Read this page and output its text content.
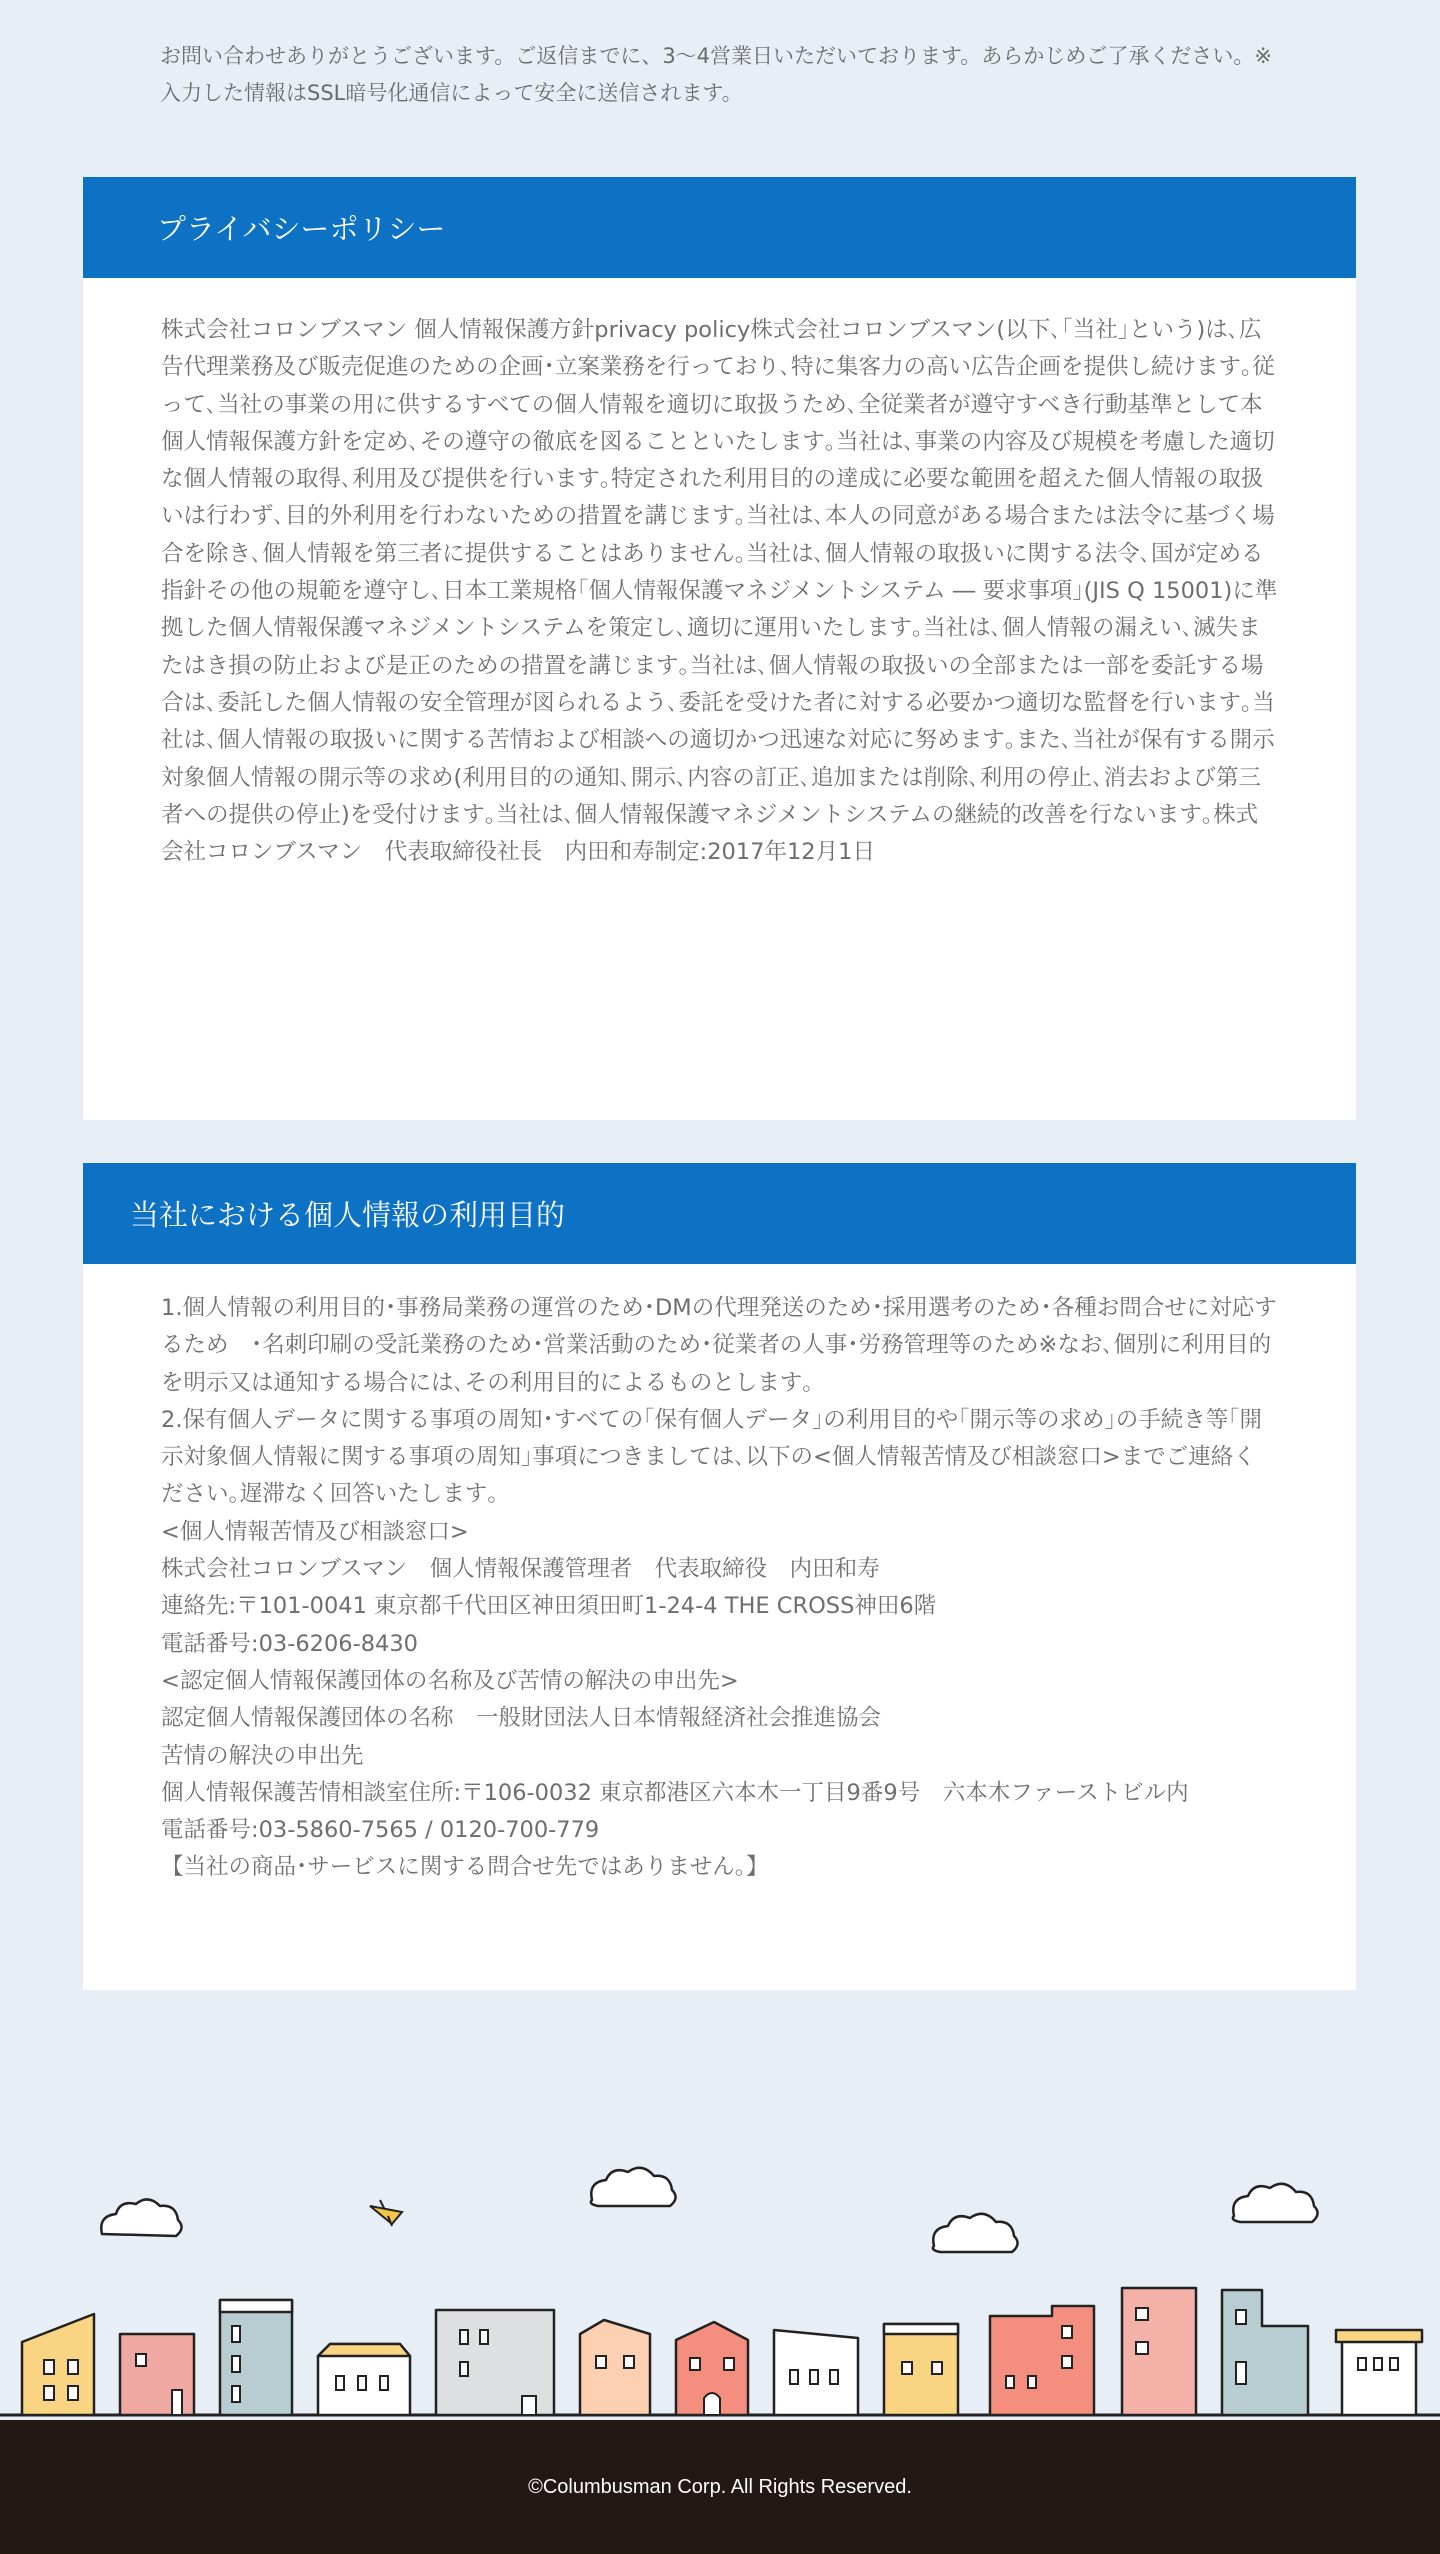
お問い合わせありがとうございます。ご返信までに、3～4営業日いただいております。あらかじめご了承ください。※入力した情報はSSL暗号化通信によって安全に送信されます。

プライバシーポリシー
株式会社コロンブスマン 個人情報保護方針privacy policy株式会社コロンブスマン(以下､｢当社｣という)は､広告代理業務及び販売促進のための企画･立案業務を行っており､特に集客力の高い広告企画を提供し続けます｡従って､当社の事業の用に供するすべての個人情報を適切に取扱うため､全従業者が遵守すべき行動基準として本個人情報保護方針を定め､その遵守の徹底を図ることといたします｡当社は､事業の内容及び規模を考慮した適切な個人情報の取得､利用及び提供を行います｡特定された利用目的の達成に必要な範囲を超えた個人情報の取扱いは行わず､目的外利用を行わないための措置を講じます｡当社は､本人の同意がある場合または法令に基づく場合を除き､個人情報を第三者に提供することはありません｡当社は､個人情報の取扱いに関する法令､国が定める指針その他の規範を遵守し､日本工業規格｢個人情報保護マネジメントシステム ― 要求事項｣(JIS Q 15001)に準拠した個人情報保護マネジメントシステムを策定し､適切に運用いたします｡当社は､個人情報の漏えい､滅失またはき損の防止および是正のための措置を講じます｡当社は､個人情報の取扱いの全部または一部を委託する場合は､委託した個人情報の安全管理が図られるよう､委託を受けた者に対する必要かつ適切な監督を行います｡当社は､個人情報の取扱いに関する苦情および相談への適切かつ迅速な対応に努めます｡また､当社が保有する開示対象個人情報の開示等の求め(利用目的の通知､開示､内容の訂正､追加または削除､利用の停止､消去および第三者への提供の停止)を受付けます｡当社は､個人情報保護マネジメントシステムの継続的改善を行ないます｡株式会社コロンブスマン　代表取締役社長　内田和寿制定:2017年12月1日
当社における個人情報の利用目的
1.個人情報の利用目的･事務局業務の運営のため･DMの代理発送のため･採用選考のため･各種お問合せに対応するため　･名刺印刷の受託業務のため･営業活動のため･従業者の人事･労務管理等のため※なお､個別に利用目的を明示又は通知する場合には､その利用目的によるものとします｡
2.保有個人データに関する事項の周知･すべての｢保有個人データ｣の利用目的や｢開示等の求め｣の手続き等｢開示対象個人情報に関する事項の周知｣事項につきましては､以下の<個人情報苦情及び相談窓口>までご連絡ください｡遅滞なく回答いたします｡
<個人情報苦情及び相談窓口>
株式会社コロンブスマン　個人情報保護管理者　代表取締役　内田和寿
連絡先:〒101-0041 東京都千代田区神田須田町1-24-4 THE CROSS神田6階
電話番号:03-6206-8430
<認定個人情報保護団体の名称及び苦情の解決の申出先>
認定個人情報保護団体の名称　一般財団法人日本情報経済社会推進協会
苦情の解決の申出先
個人情報保護苦情相談室住所:〒106-0032 東京都港区六本木一丁目9番9号　六本木ファーストビル内
電話番号:03-5860-7565 / 0120-700-779
【当社の商品･サービスに関する問合せ先ではありません｡】
©Columbusman Corp. All Rights Reserved.
